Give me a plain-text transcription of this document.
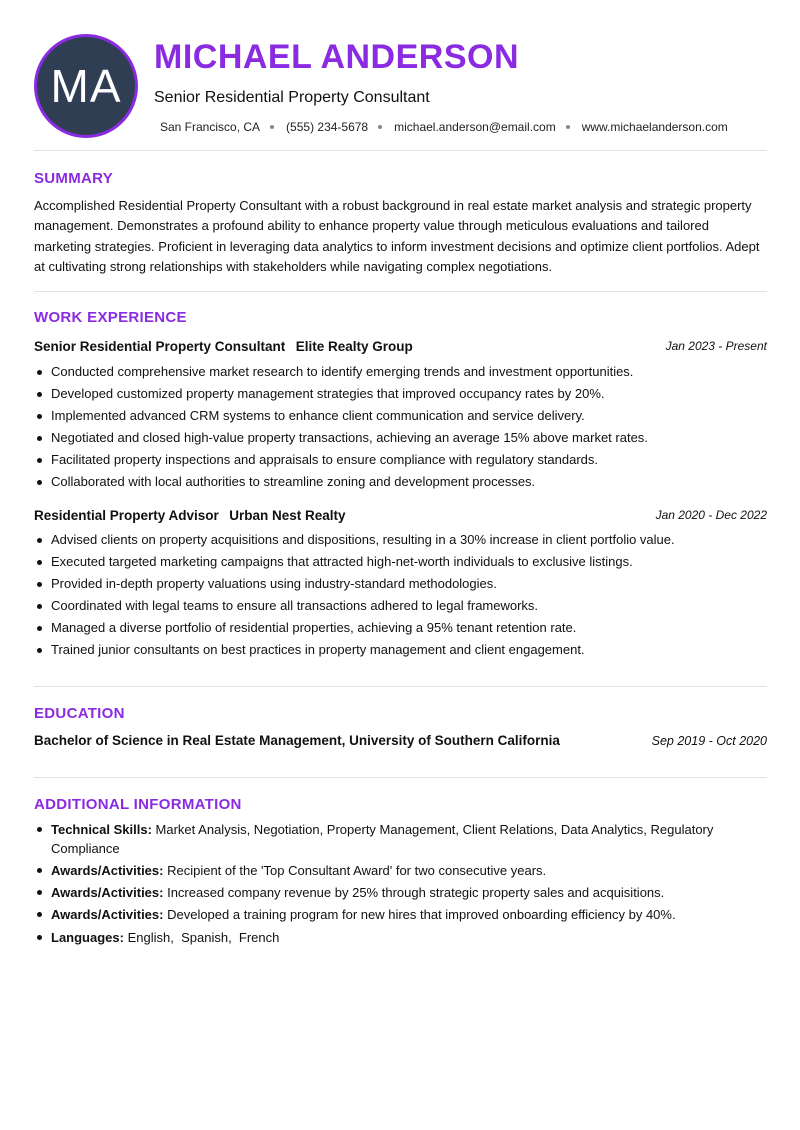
MA
MICHAEL ANDERSON
Senior Residential Property Consultant
San Francisco, CA (555) 234-5678 michael.anderson@email.com www.michaelanderson.com
SUMMARY
Accomplished Residential Property Consultant with a robust background in real estate market analysis and strategic property management. Demonstrates a profound ability to enhance property value through meticulous evaluations and tailored marketing strategies. Proficient in leveraging data analytics to inform investment decisions and optimize client portfolios. Adept at cultivating strong relationships with stakeholders while navigating complex negotiations.
WORK EXPERIENCE
Senior Residential Property Consultant Elite Realty Group	Jan 2023 - Present
Conducted comprehensive market research to identify emerging trends and investment opportunities.
Developed customized property management strategies that improved occupancy rates by 20%.
Implemented advanced CRM systems to enhance client communication and service delivery.
Negotiated and closed high-value property transactions, achieving an average 15% above market rates.
Facilitated property inspections and appraisals to ensure compliance with regulatory standards.
Collaborated with local authorities to streamline zoning and development processes.
Residential Property Advisor Urban Nest Realty	Jan 2020 - Dec 2022
Advised clients on property acquisitions and dispositions, resulting in a 30% increase in client portfolio value.
Executed targeted marketing campaigns that attracted high-net-worth individuals to exclusive listings.
Provided in-depth property valuations using industry-standard methodologies.
Coordinated with legal teams to ensure all transactions adhered to legal frameworks.
Managed a diverse portfolio of residential properties, achieving a 95% tenant retention rate.
Trained junior consultants on best practices in property management and client engagement.
EDUCATION
Bachelor of Science in Real Estate Management, University of Southern California	Sep 2019 - Oct 2020
ADDITIONAL INFORMATION
Technical Skills: Market Analysis, Negotiation, Property Management, Client Relations, Data Analytics, Regulatory Compliance
Awards/Activities: Recipient of the 'Top Consultant Award' for two consecutive years.
Awards/Activities: Increased company revenue by 25% through strategic property sales and acquisitions.
Awards/Activities: Developed a training program for new hires that improved onboarding efficiency by 40%.
Languages: English , Spanish , French
